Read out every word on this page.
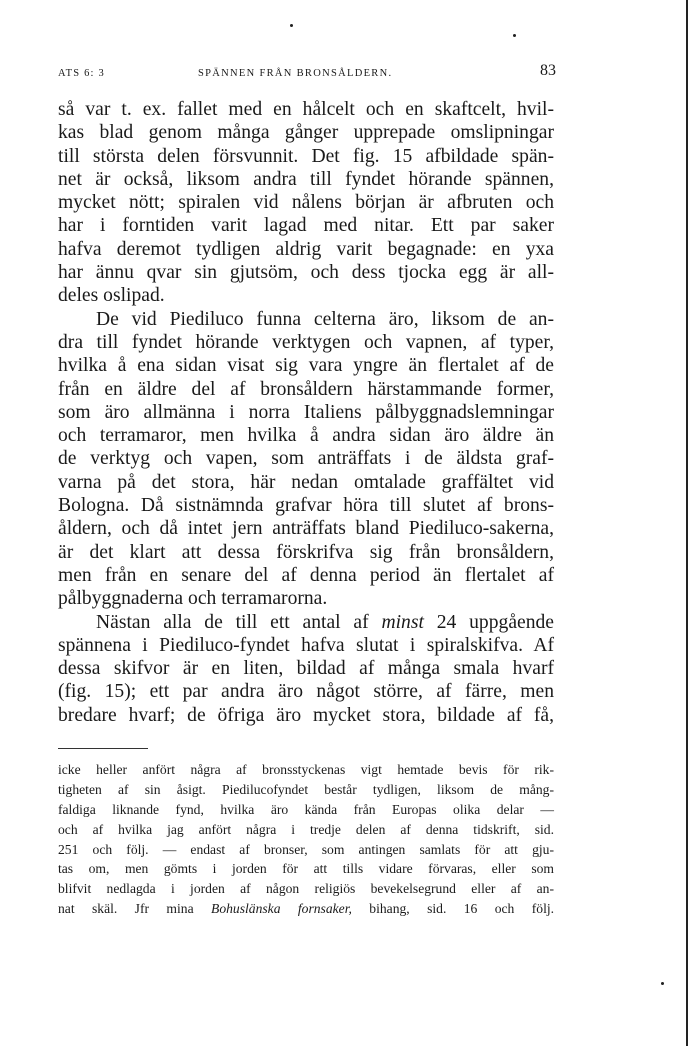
ATS 6: 3	SPÄNNEN FRÅN BRONSÅLDERN.	83
så var t. ex. fallet med en hålcelt och en skaftcelt, hvil-
kas blad genom många gånger upprepade omslipningar
till största delen försvunnit. Det fig. 15 afbildade spän-
net är också, liksom andra till fyndet hörande spännen,
mycket nött; spiralen vid nålens början är afbruten och
har i forntiden varit lagad med nitar. Ett par saker
hafva deremot tydligen aldrig varit begagnade: en yxa
har ännu qvar sin gjutsöm, och dess tjocka egg är all-
deles oslipad.
De vid Piediluco funna celterna äro, liksom de an-
dra till fyndet hörande verktygen och vapnen, af typer,
hvilka å ena sidan visat sig vara yngre än flertalet af de
från en äldre del af bronsåldern härstammande former,
som äro allmänna i norra Italiens pålbyggnadslemningar
och terramaror, men hvilka å andra sidan äro äldre än
de verktyg och vapen, som anträffats i de äldsta graf-
varna på det stora, här nedan omtalade graffältet vid
Bologna. Då sistnämnda grafvar höra till slutet af brons-
åldern, och då intet jern anträffats bland Piediluco-sakerna,
är det klart att dessa förskrifva sig från bronsåldern,
men från en senare del af denna period än flertalet af
pålbyggnaderna och terramarorna.
Nästan alla de till ett antal af minst 24 uppgående
spännena i Piediluco-fyndet hafva slutat i spiralskifva. Af
dessa skifvor är en liten, bildad af många smala hvarf
(fig. 15); ett par andra äro något större, af färre, men
bredare hvarf; de öfriga äro mycket stora, bildade af få,
icke heller anfört några af bronsstyckenas vigt hemtade bevis för rik-
tigheten af sin åsigt. Piedilucofyndet består tydligen, liksom de mång-
faldiga liknande fynd, hvilka äro kända från Europas olika delar —
och af hvilka jag anfört några i tredje delen af denna tidskrift, sid.
251 och följ. — endast af bronser, som antingen samlats för att gju-
tas om, men gömts i jorden för att tills vidare förvaras, eller som
blifvit nedlagda i jorden af någon religiös bevekelsegrund eller af an-
nat skäl. Jfr mina Bohuslänska fornsaker, bihang, sid. 16 och följ.
